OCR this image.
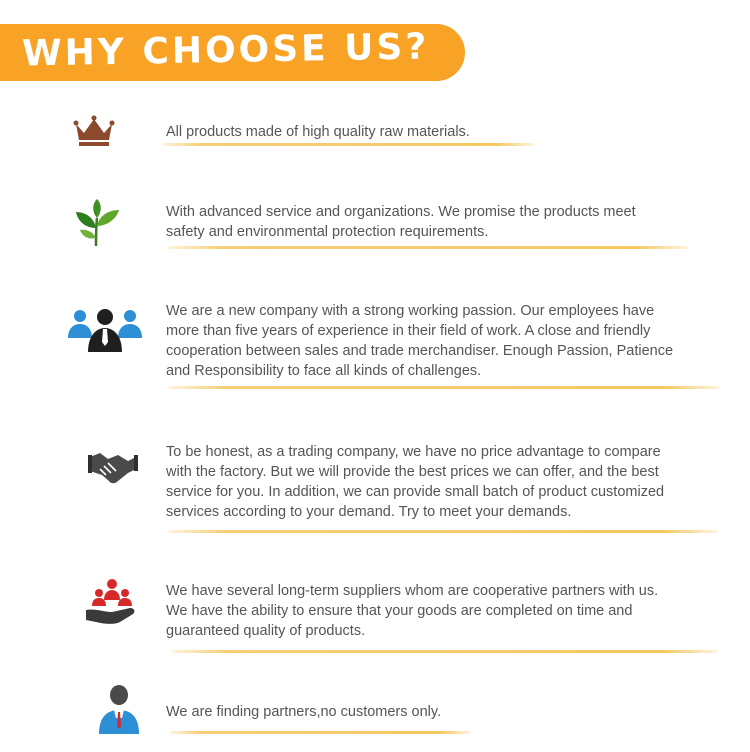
WHY CHOOSE US?
All products made of high quality raw materials.
With advanced service and organizations. We promise the products meet
safety and environmental protection requirements.
We are a new company with a strong working passion. Our employees have
more than five years of experience in their field of work. A close and friendly
cooperation between sales and trade merchandiser. Enough Passion, Patience
and Responsibility to face all kinds of challenges.
To be honest, as a trading company, we have no price advantage to compare
with the factory. But we will provide the best prices we can offer, and the best
service for you. In addition, we can provide small batch of product customized
services according to your demand. Try to meet your demands.
We have several long-term suppliers whom are cooperative partners with us.
We have the ability to ensure that your goods are completed on time and
guaranteed quality of products.
We are finding partners,no customers only.
